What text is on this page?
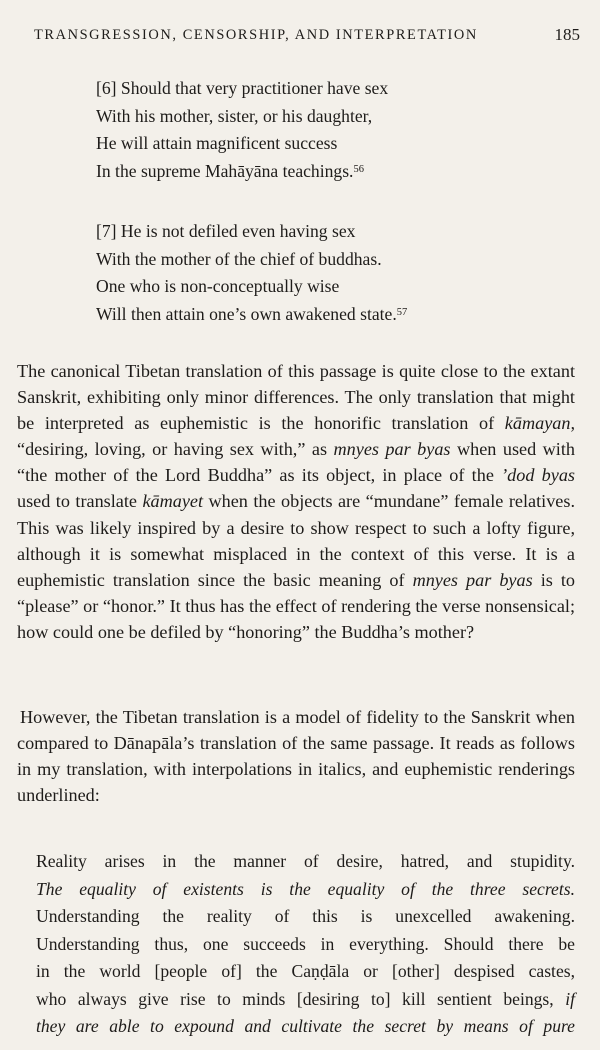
TRANSGRESSION, CENSORSHIP, AND INTERPRETATION	185
[6] Should that very practitioner have sex
With his mother, sister, or his daughter,
He will attain magnificent success
In the supreme Mahāyāna teachings.$^{56}$
[7] He is not defiled even having sex
With the mother of the chief of buddhas.
One who is non-conceptually wise
Will then attain one’s own awakened state.$^{57}$

The canonical Tibetan translation of this passage is quite close to the extant Sanskrit, exhibiting only minor differences. The only translation that might be interpreted as euphemistic is the honorific translation of kāmayan, “desiring, loving, or having sex with,” as mnyes par byas when used with “the mother of the Lord Buddha” as its object, in place of the ’dod byas used to translate kāmayet when the objects are “mundane” female relatives. This was likely inspired by a desire to show respect to such a lofty figure, although it is somewhat misplaced in the context of this verse. It is a euphemistic translation since the basic meaning of mnyes par byas is to “please” or “honor.” It thus has the effect of rendering the verse nonsensical; how could one be defiled by “honoring” the Buddha’s mother?

However, the Tibetan translation is a model of fidelity to the Sanskrit when compared to Dānapāla’s translation of the same passage. It reads as follows in my translation, with interpolations in italics, and euphemistic renderings underlined:

Reality arises in the manner of desire, hatred, and stupidity.
The equality of existents is the equality of the three secrets.
Understanding the reality of this is unexcelled awakening.
Understanding thus, one succeeds in everything. Should there be
in the world [people of] the Caṇḍāla or [other] despised castes,
who always give rise to minds [desiring to] kill sentient beings, if
they are able to expound and cultivate the secret by means of pure
